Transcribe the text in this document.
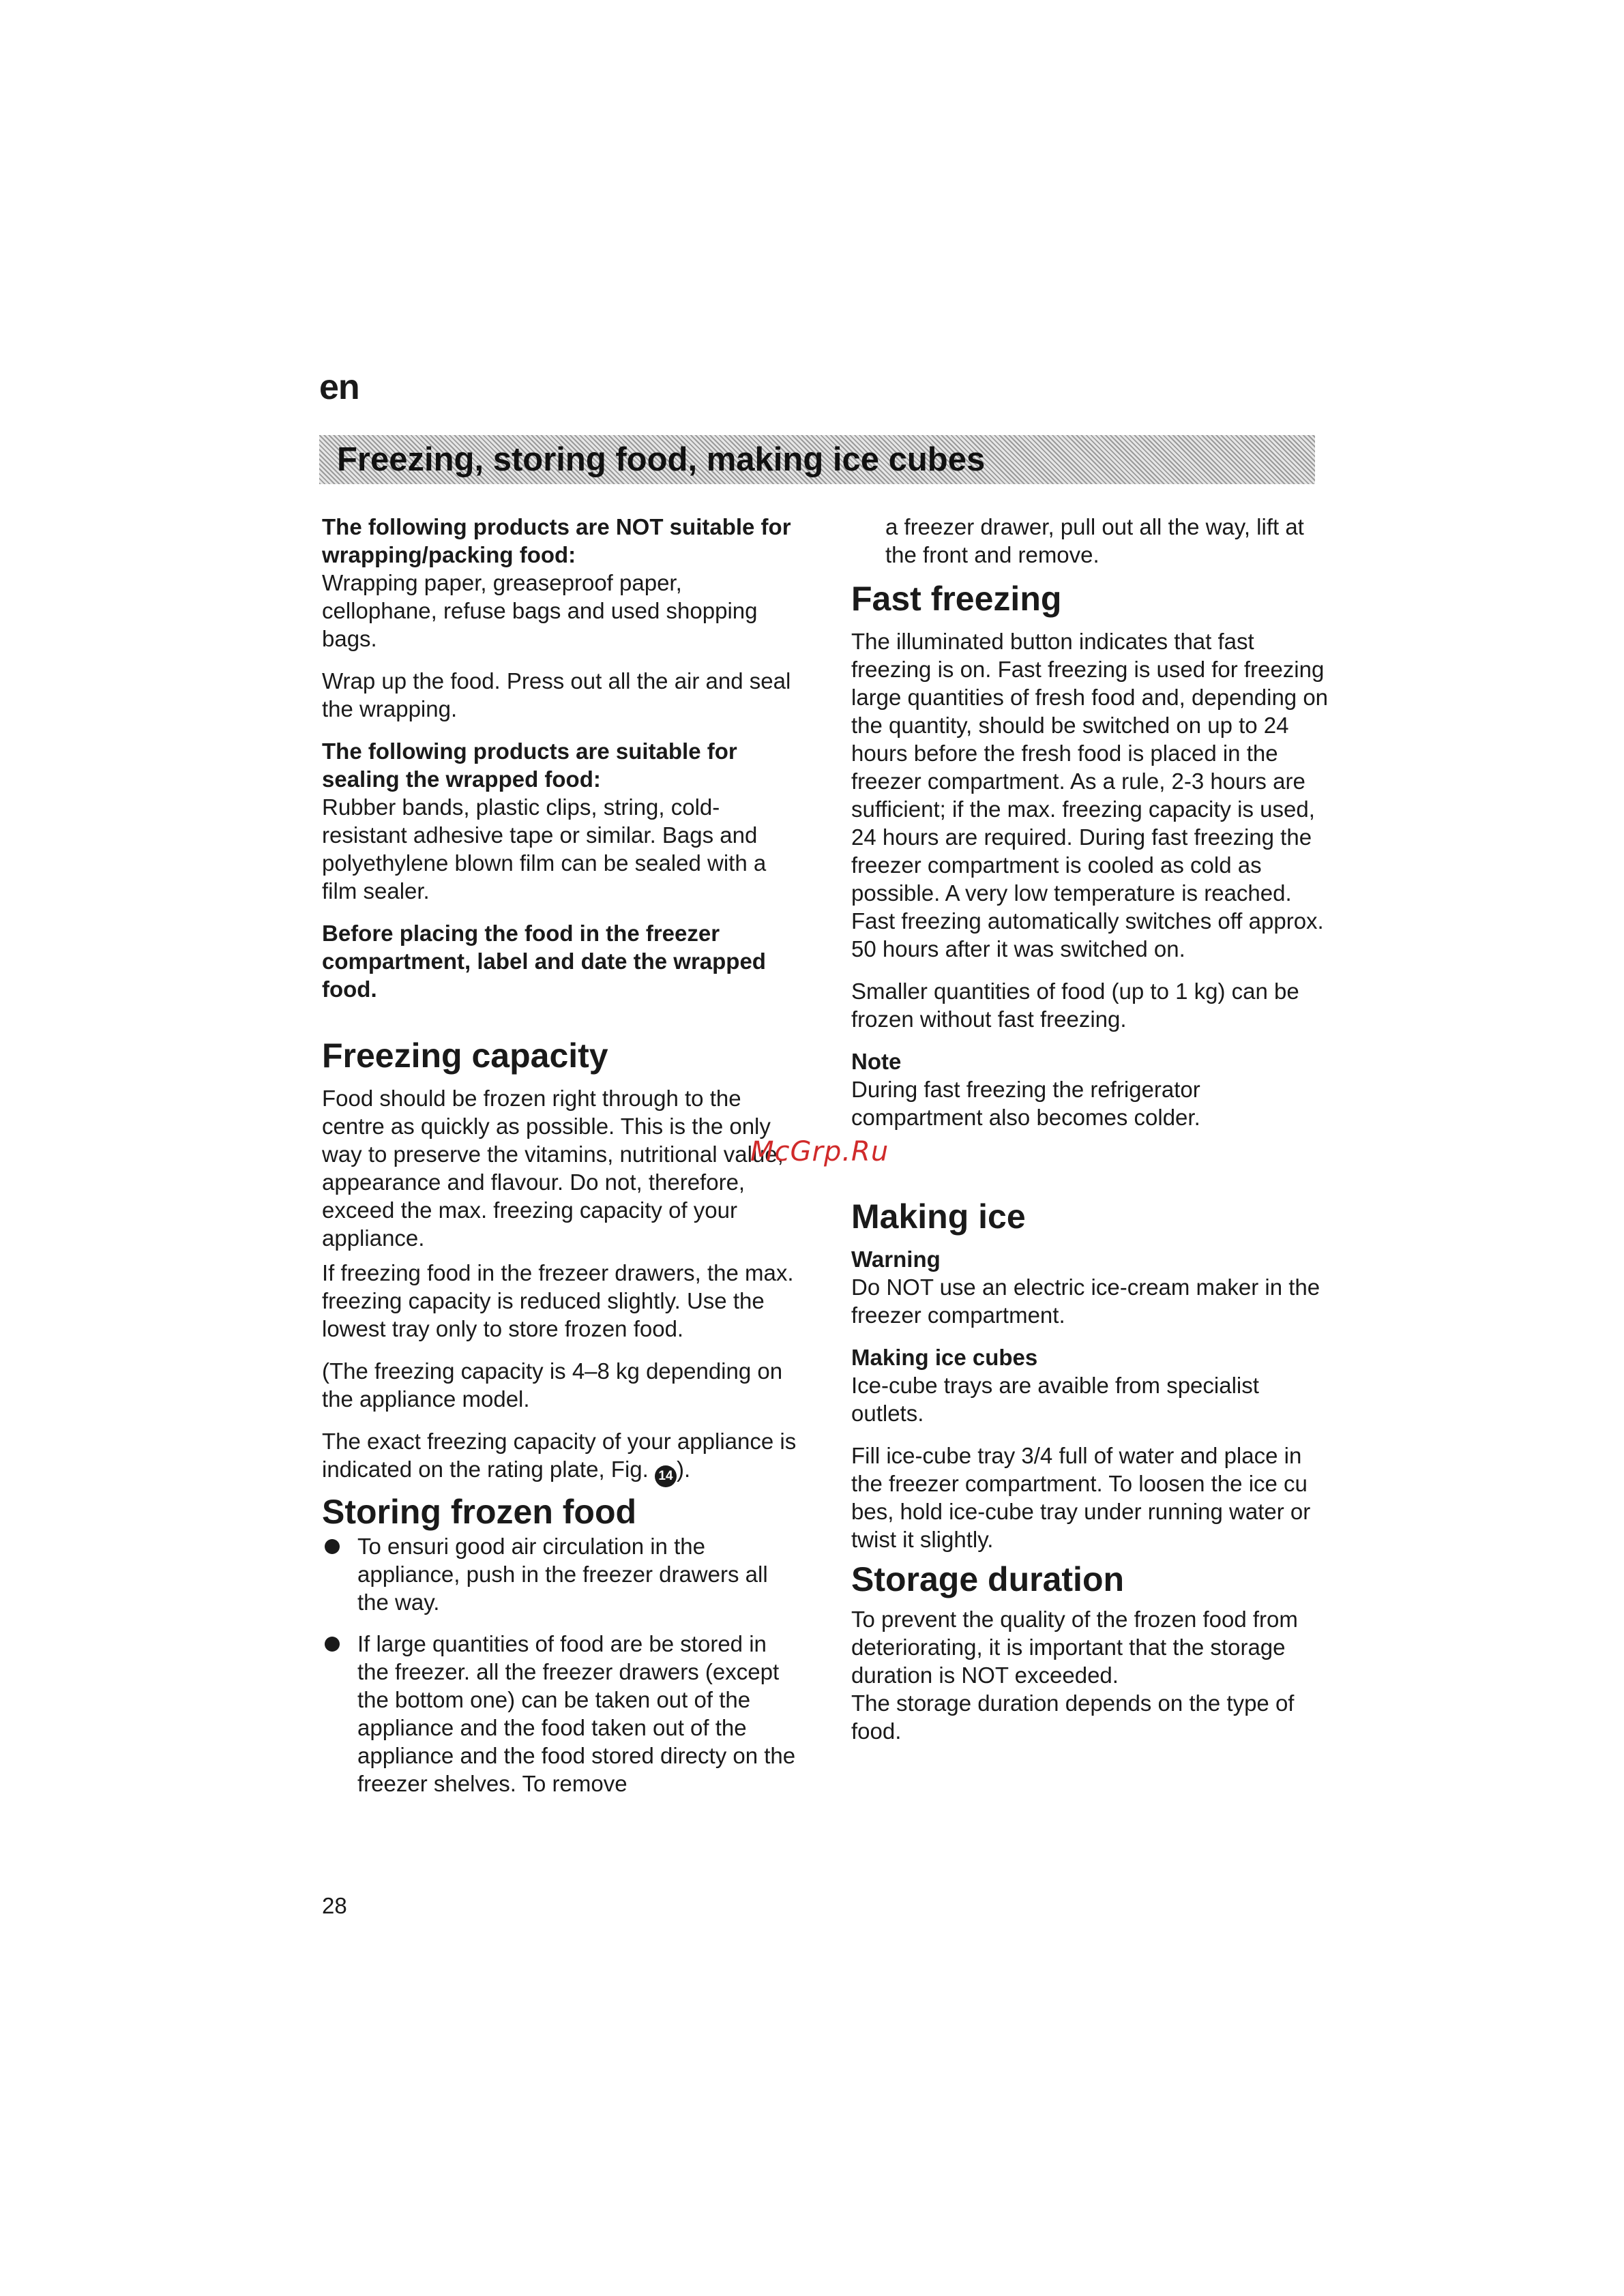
en
Freezing, storing food, making ice cubes

The following products are NOT suitable for wrapping/packing food:
Wrapping paper, greaseproof paper, cellophane, refuse bags and used shopping bags.

Wrap up the food. Press out all the air and seal the wrapping.

The following products are suitable for sealing the wrapped food:
Rubber bands, plastic clips, string, cold-resistant adhesive tape or similar. Bags and polyethylene blown film can be sealed with a film sealer.

Before placing the food in the freezer compartment, label and date the wrapped food.

Freezing capacity

Food should be frozen right through to the centre as quickly as possible. This is the only way to preserve the vitamins, nutritional value, appearance and flavour. Do not, therefore, exceed the max. freezing capacity of your appliance.

If freezing food in the frezeer drawers, the max. freezing capacity is reduced slightly. Use the lowest tray only to store frozen food.

(The freezing capacity is 4–8 kg depending on the appliance model.

The exact freezing capacity of your appliance is indicated on the rating plate, Fig. 14 ).

Storing frozen food
To ensuri good air circulation in the appliance, push in the freezer drawers all the way.
If large quantities of food are be stored in the freezer. all the freezer drawers (except the bottom one) can be taken out of the appliance and the food taken out of the appliance and the food stored directy on the freezer shelves. To remove

a freezer drawer, pull out all the way, lift at the front and remove.

Fast freezing

The illuminated button indicates that fast freezing is on. Fast freezing is used for freezing large quantities of fresh food and, depending on the quantity, should be switched on up to 24 hours before the fresh food is placed in the freezer compartment. As a rule, 2-3 hours are sufficient; if the max. freezing capacity is used, 24 hours are required. During fast freezing the freezer compartment is cooled as cold as possible. A very low temperature is reached. Fast freezing automatically switches off approx. 50 hours after it was switched on.

Smaller quantities of food (up to 1 kg) can be frozen without fast freezing.

Note
During fast freezing the refrigerator compartment also becomes colder.

Making ice

Warning
Do NOT use an electric ice-cream maker in the freezer compartment.

Making ice cubes
Ice-cube trays are avaible from specialist outlets.

Fill ice-cube tray 3/4 full of water and place in the freezer compartment. To loosen the ice cu bes, hold ice-cube tray under running water or twist it slightly.

Storage duration

To prevent the quality of the frozen food from deteriorating, it is important that the storage duration is NOT exceeded.

The storage duration depends on the type of food.

McGrp.Ru
28
